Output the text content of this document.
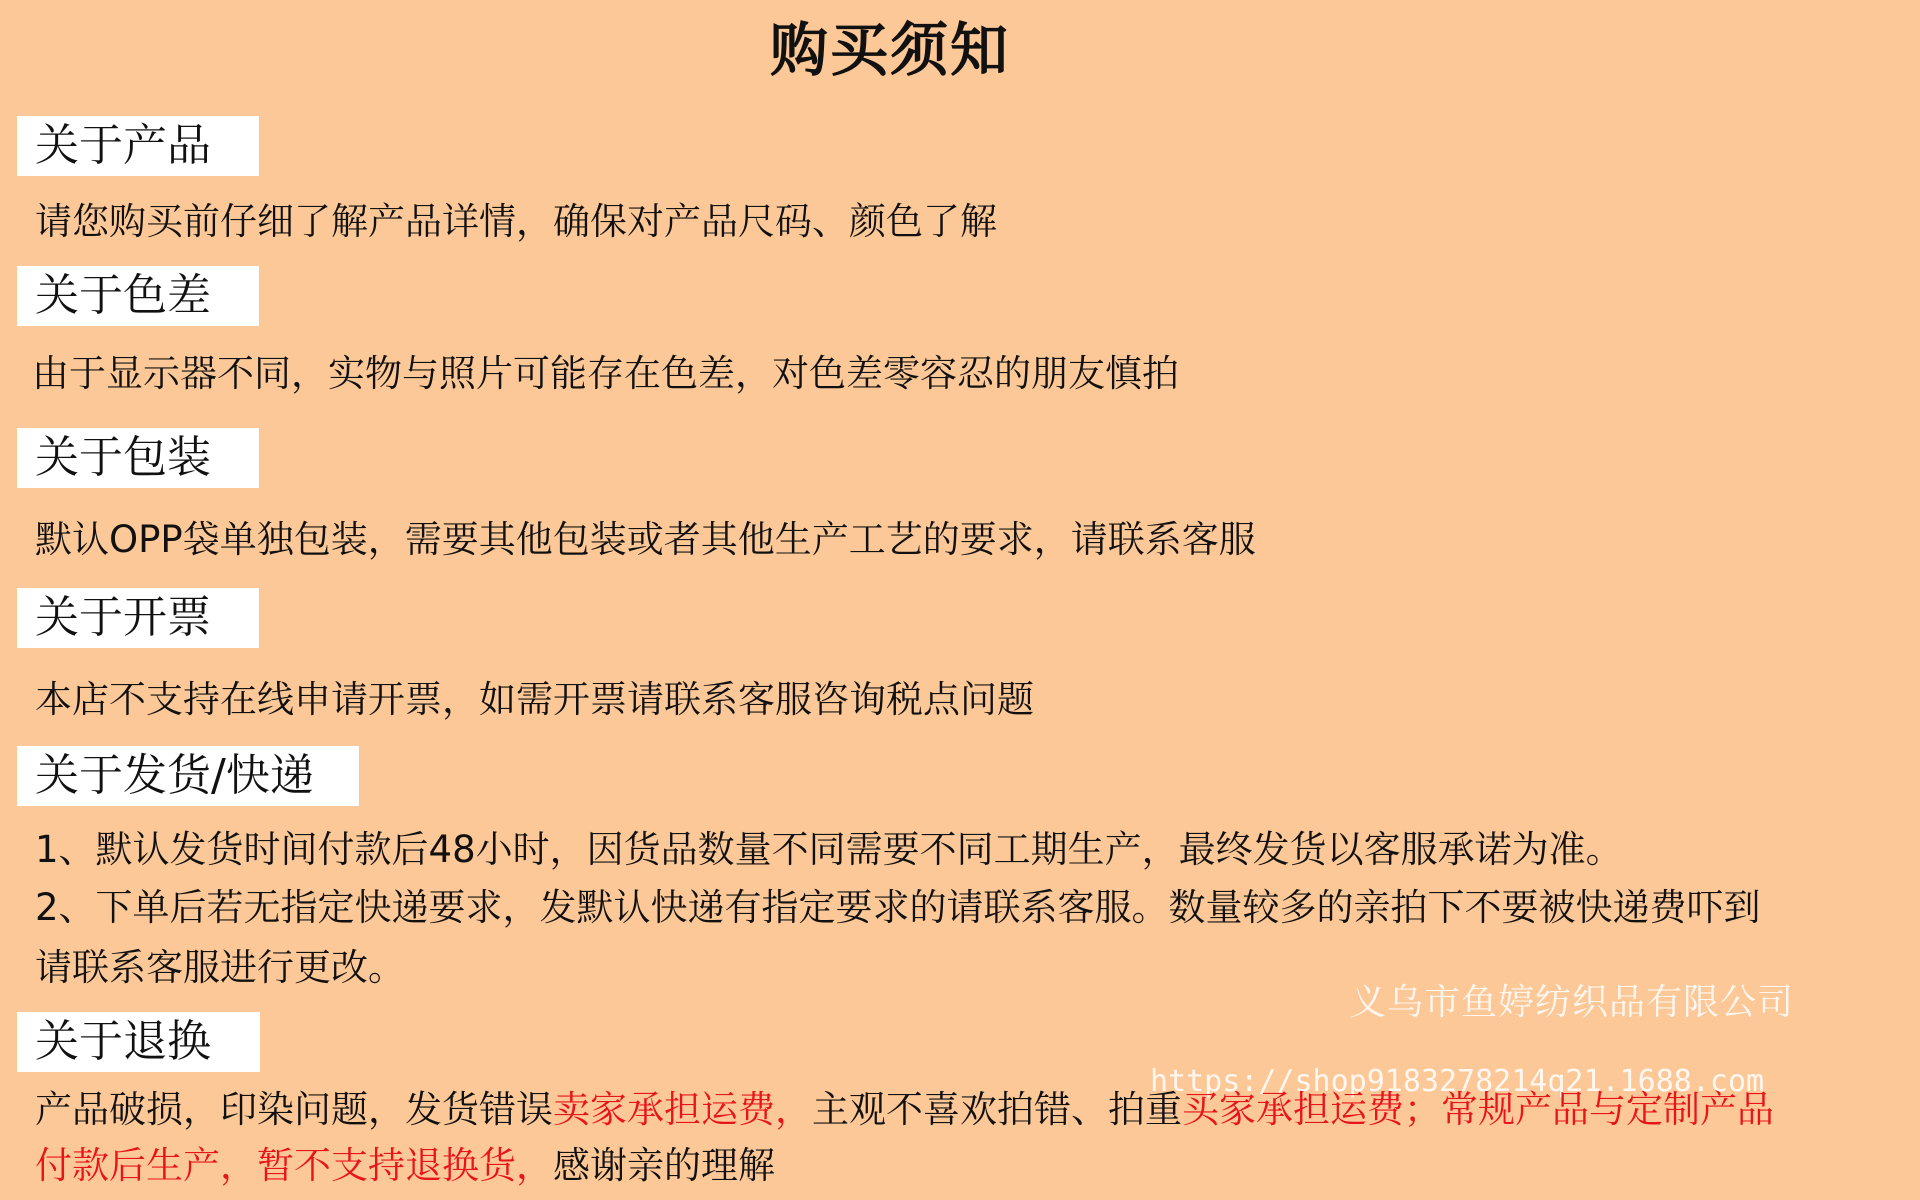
购买须知
关于产品
请您购买前仔细了解产品详情，确保对产品尺码、颜色了解
关于色差
由于显示器不同，实物与照片可能存在色差，对色差零容忍的朋友慎拍
关于包装
默认OPP袋单独包装，需要其他包装或者其他生产工艺的要求，请联系客服
关于开票
本店不支持在线申请开票，如需开票请联系客服咨询税点问题
关于发货/快递
1、默认发货时间付款后48小时，因货品数量不同需要不同工期生产，最终发货以客服承诺为准。
2、下单后若无指定快递要求，发默认快递有指定要求的请联系客服。数量较多的亲拍下不要被快递费吓到
请联系客服进行更改。
义乌市鱼婷纺织品有限公司
关于退换
https://shop9183278214q21.1688.com
产品破损，印染问题，发货错误卖家承担运费，主观不喜欢拍错、拍重买家承担运费；常规产品与定制产品
付款后生产，暂不支持退换货，感谢亲的理解
